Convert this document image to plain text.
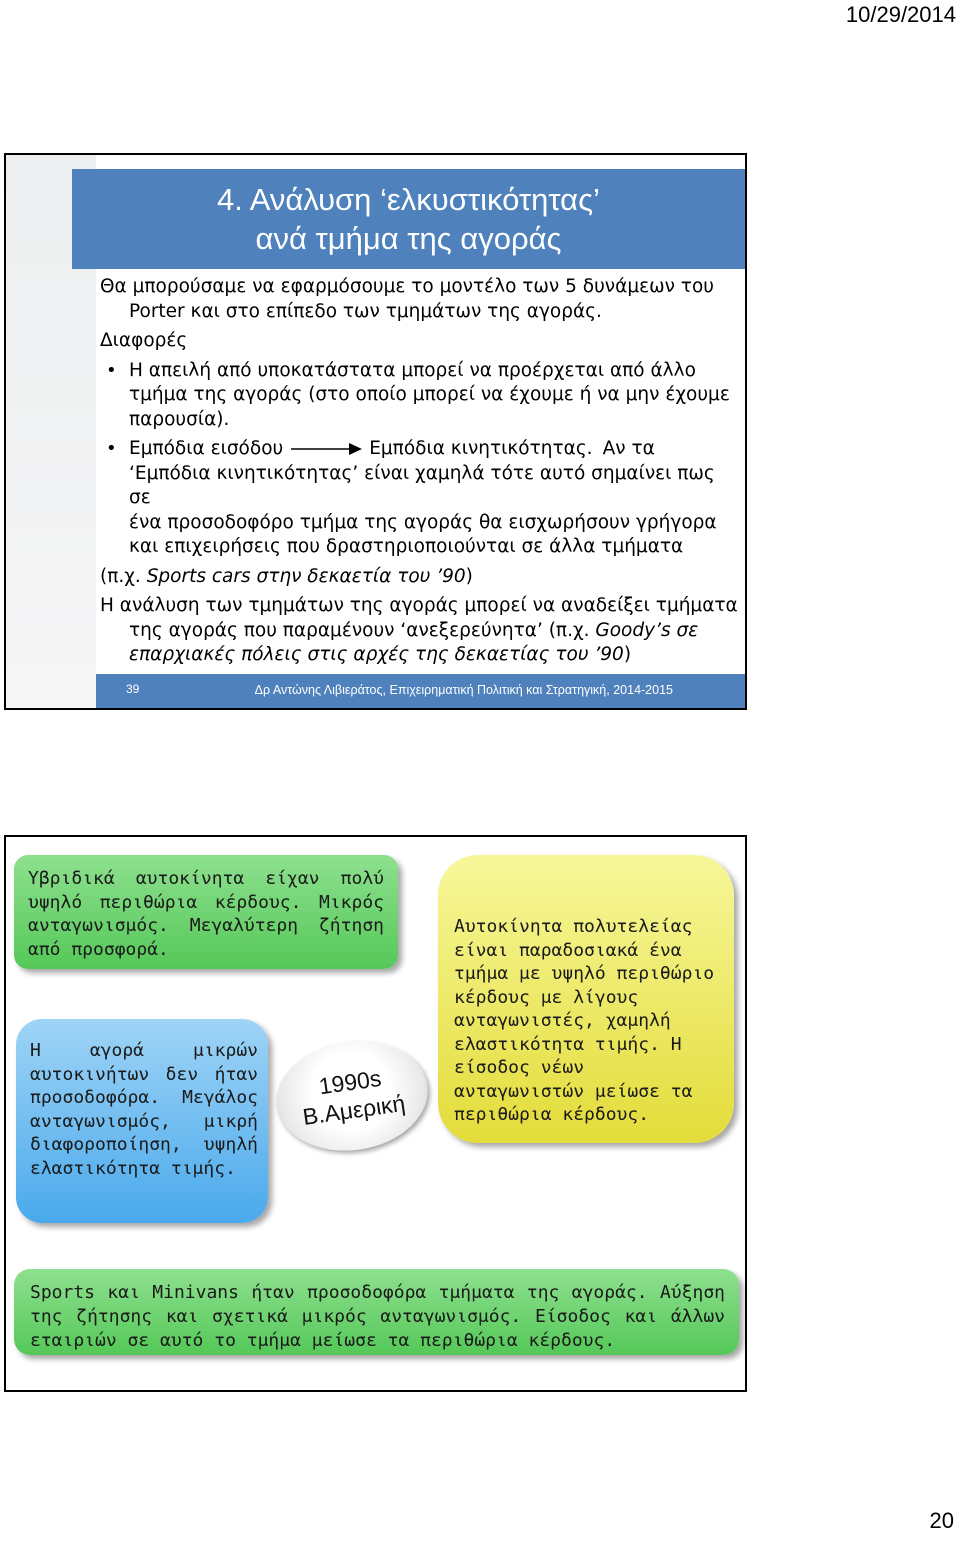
10/29/2014
4. Ανάλυση ‘ελκυστικότητας’
ανά τμήμα της αγοράς

Θα μπορούσαμε να εφαρμόσουμε το μοντέλο των 5 δυνάμεων του
Porter και στο επίπεδο των τμημάτων της αγοράς.

Διαφορές

• Η απειλή από υποκατάστατα μπορεί να προέρχεται από άλλο
τμήμα της αγοράς (στο οποίο μπορεί να έχουμε ή να μην έχουμε
παρουσία).
• Εμπόδια εισόδου	Εμπόδια κινητικότητας. Αν τα
‘Εμπόδια κινητικότητας’ είναι χαμηλά τότε αυτό σημαίνει πως σε
ένα προσοδοφόρο τμήμα της αγοράς θα εισχωρήσουν γρήγορα
και επιχειρήσεις που δραστηριοποιούνται σε άλλα τμήματα

(π.χ. Sports cars στην δεκαετία του ’90)

Η ανάλυση των τμημάτων της αγοράς μπορεί να αναδείξει τμήματα
της αγοράς που παραμένουν ‘ανεξερεύνητα’ (π.χ. Goody’s σε
επαρχιακές πόλεις στις αρχές της δεκαετίας του ’90)

39	Δρ Αντώνης Λιβιεράτος, Επιχειρηματική Πολιτική και Στρατηγική, 2014-2015
Υβριδικά αυτοκίνητα είχαν πολύ υψηλό περιθώρια κέρδους. Μικρός ανταγωνισμός. Μεγαλύτερη ζήτηση από προσφορά.
Η αγορά μικρών αυτοκινήτων δεν ήταν προσοδοφόρα. Μεγάλος ανταγωνισμός, μικρή διαφοροποίηση, υψηλή ελαστικότητα τιμής.
1990s
Β.Αμερική
Αυτοκίνητα πολυτελείας είναι παραδοσιακά ένα τμήμα με υψηλό περιθώριο κέρδους με λίγους ανταγωνιστές, χαμηλή ελαστικότητα τιμής. Η είσοδος νέων ανταγωνιστών μείωσε τα περιθώρια κέρδους.
Sports και Minivans ήταν προσοδοφόρα τμήματα της αγοράς. Αύξηση της ζήτησης και σχετικά μικρός ανταγωνισμός. Είσοδος και άλλων εταιριών σε αυτό το τμήμα μείωσε τα περιθώρια κέρδους.
20
